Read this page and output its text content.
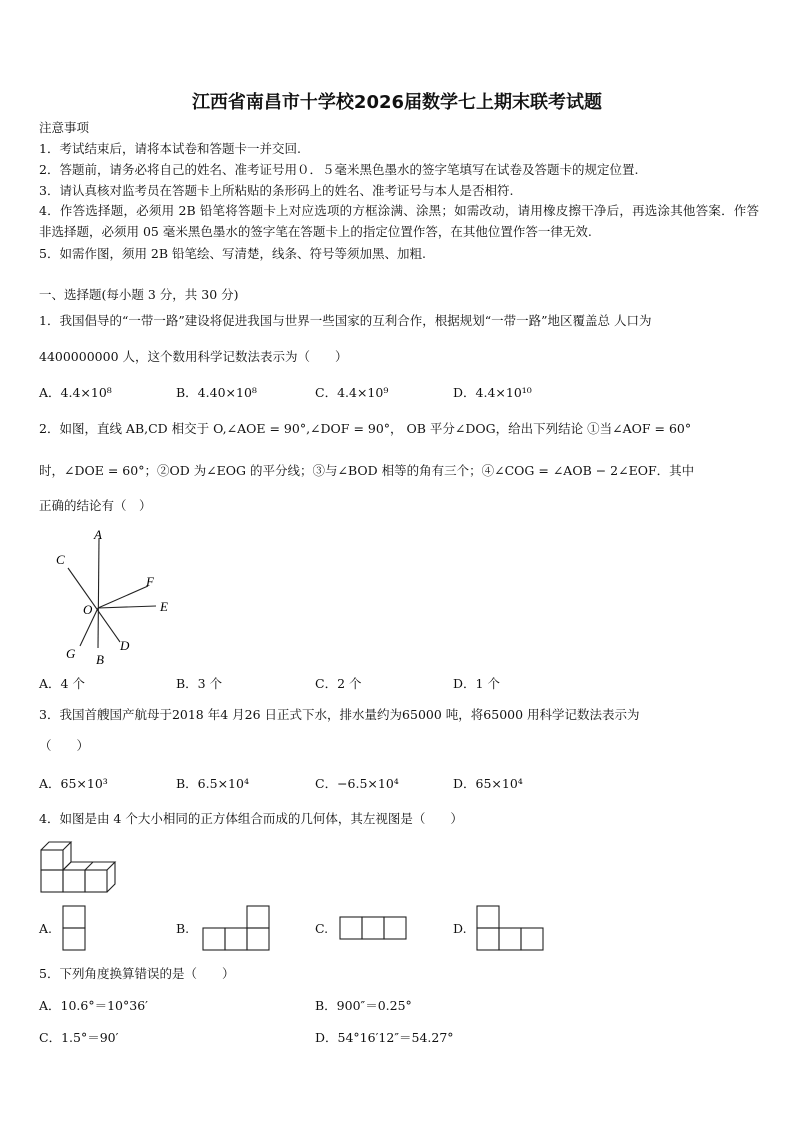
江西省南昌市十学校2026届数学七上期末联考试题
注意事项
1．考试结束后，请将本试卷和答题卡一并交回.
2．答题前，请务必将自己的姓名、准考证号用０．５毫米黑色墨水的签字笔填写在试卷及答题卡的规定位置.
3．请认真核对监考员在答题卡上所粘贴的条形码上的姓名、准考证号与本人是否相符.
4．作答选择题，必须用 2B 铅笔将答题卡上对应选项的方框涂满、涂黑；如需改动，请用橡皮擦干净后，再选涂其他答案．作答非选择题，必须用 05 毫米黑色墨水的签字笔在答题卡上的指定位置作答，在其他位置作答一律无效.
5．如需作图，须用 2B 铅笔绘、写清楚，线条、符号等须加黑、加粗.
一、选择题(每小题 3 分，共 30 分)
1．我国倡导的“一带一路”建设将促进我国与世界一些国家的互利合作，根据规划“一带一路”地区覆盖总 人口为
4400000000 人，这个数用科学记数法表示为（　　）
A．4.4×10⁸	B．4.40×10⁸	C．4.4×10⁹	D．4.4×10¹⁰
2．如图，直线 AB,CD 相交于 O,∠AOE = 90°,∠DOF = 90°， OB 平分∠DOG，给出下列结论 ①当∠AOF = 60°
时，∠DOE = 60°；②OD 为∠EOG 的平分线；③与∠BOD 相等的角有三个；④∠COG = ∠AOB − 2∠EOF．其中
正确的结论有（　）
A
C
F
O	E
G B
D
A．4 个	B．3 个	C．2 个	D．1 个
3．我国首艘国产航母于2018 年4 月26 日正式下水，排水量约为65000 吨，将65000 用科学记数法表示为
（　　）
A．65×10³	B．6.5×10⁴	C．−6.5×10⁴	D．65×10⁴
4．如图是由 4 个大小相同的正方体组合而成的几何体，其左视图是（　　）
A.	B.	C.	D.
5．下列角度换算错误的是（　　）
A．10.6°＝10°36′	B．900″＝0.25°
C．1.5°＝90′	D．54°16′12″＝54.27°
